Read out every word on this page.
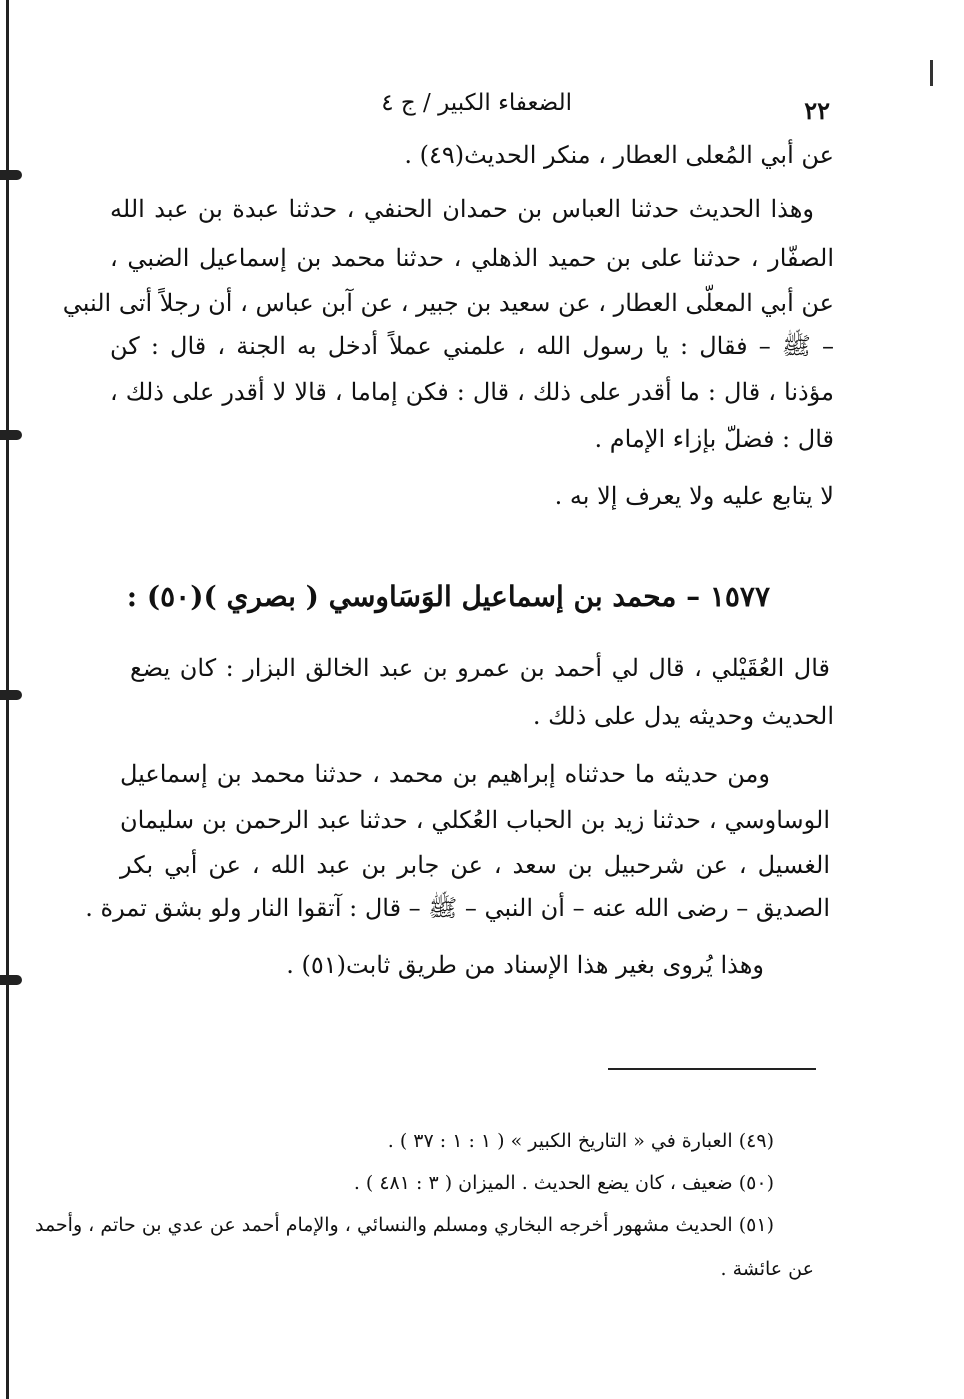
٢٢
الضعفاء الكبير / ج ٤
عن أبي المُعلى العطار ، منكر الحديث(٤٩) .
وهذا الحديث حدثنا العباس بن حمدان الحنفي ، حدثنا عبدة بن عبد الله
الصفّار ، حدثنا على بن حميد الذهلي ، حدثنا محمد بن إسماعيل الضبي ،
عن أبي المعلّى العطار ، عن سعيد بن جبير ، عن آبن عباس ، أن رجلاً أتى النبي
– ﷺ – فقال : يا رسول الله ، علمني عملاً أدخل به الجنة ، قال : كن
مؤذنا ، قال : ما أقدر على ذلك ، قال : فكن إماما ، قالا لا أقدر على ذلك ،
قال : فضلّ بإزاء الإمام .
لا يتابع عليه ولا يعرف إلا به .
١٥٧٧ – محمد بن إسماعيل الوَسَاوسي ( بصري )(٥٠) :
قال العُقَيْلي ، قال لي أحمد بن عمرو بن عبد الخالق البزار : كان يضع
الحديث وحديثه يدل على ذلك .
ومن حديثه ما حدثناه إبراهيم بن محمد ، حدثنا محمد بن إسماعيل
الوساوسي ، حدثنا زيد بن الحباب العُكلي ، حدثنا عبد الرحمن بن سليمان
الغسيل ، عن شرحبيل بن سعد ، عن جابر بن عبد الله ، عن أبي بكر
الصديق – رضى الله عنه – أن النبي – ﷺ – قال : آتقوا النار ولو بشق تمرة .
وهذا يُروى بغير هذا الإسناد من طريق ثابت(٥١) .
(٤٩) العبارة في « التاريخ الكبير » ( ١ : ١ : ٣٧ ) .
(٥٠) ضعيف ، كان يضع الحديث . الميزان ( ٣ : ٤٨١ ) .
(٥١) الحديث مشهور أخرجه البخاري ومسلم والنسائي ، والإمام أحمد عن عدي بن حاتم ، وأحمد
عن عائشة .
